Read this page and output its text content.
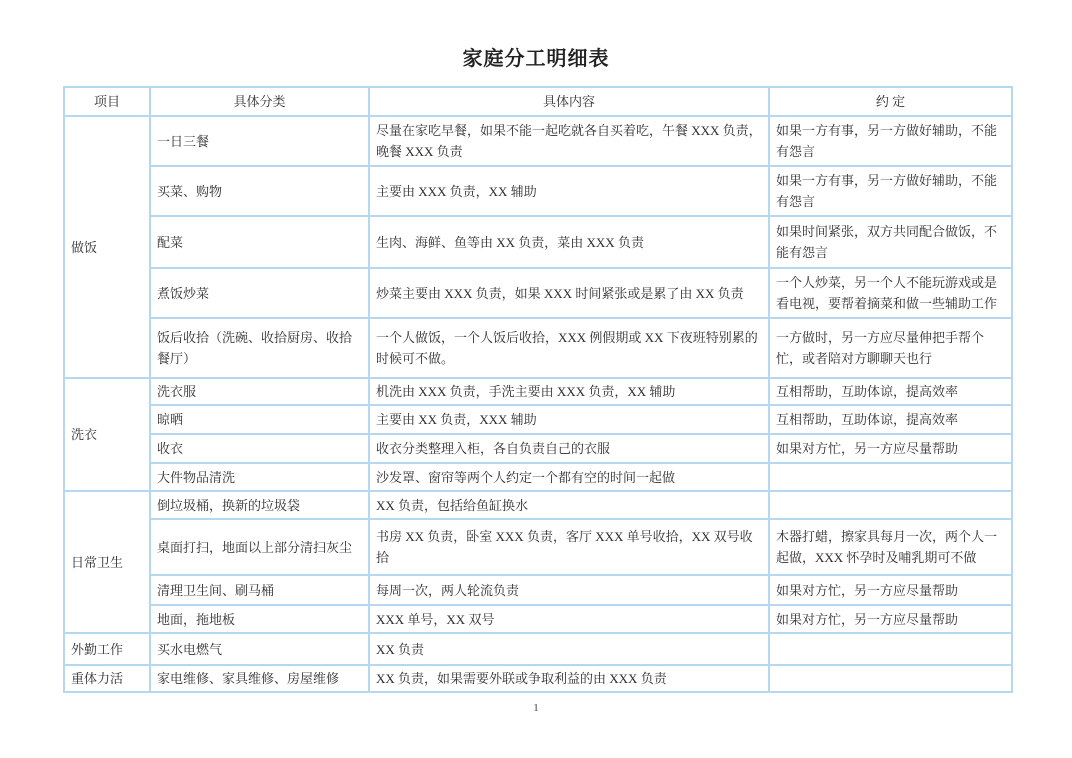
家庭分工明细表
项目	具体分类	具体内容	约 定
做饭	一日三餐	尽量在家吃早餐，如果不能一起吃就各自买着吃，午餐 XXX 负责，晚餐 XXX 负责	如果一方有事，另一方做好辅助，不能有怨言
	买菜、购物	主要由 XXX 负责，XX 辅助	如果一方有事，另一方做好辅助，不能有怨言
	配菜	生肉、海鲜、鱼等由 XX 负责，菜由 XXX 负责	如果时间紧张，双方共同配合做饭，不能有怨言
	煮饭炒菜	炒菜主要由 XXX 负责，如果 XXX 时间紧张或是累了由 XX 负责	一个人炒菜，另一个人不能玩游戏或是看电视，要帮着摘菜和做一些辅助工作
	饭后收拾（洗碗、收拾厨房、收拾餐厅）	一个人做饭，一个人饭后收拾，XXX 例假期或 XX 下夜班特别累的时候可不做。	一方做时，另一方应尽量伸把手帮个忙，或者陪对方聊聊天也行
洗衣	洗衣服	机洗由 XXX 负责，手洗主要由 XXX 负责，XX 辅助	互相帮助，互助体谅，提高效率
	晾晒	主要由 XX 负责，XXX 辅助	互相帮助，互助体谅，提高效率
	收衣	收衣分类整理入柜，各自负责自己的衣服	如果对方忙，另一方应尽量帮助
	大件物品清洗	沙发罩、窗帘等两个人约定一个都有空的时间一起做	
日常卫生	倒垃圾桶，换新的垃圾袋	XX 负责，包括给鱼缸换水	
	桌面打扫，地面以上部分清扫灰尘	书房 XX 负责，卧室 XXX 负责，客厅 XXX 单号收拾，XX 双号收拾	木器打蜡，擦家具每月一次，两个人一起做，XXX 怀孕时及哺乳期可不做
	清理卫生间、刷马桶	每周一次，两人轮流负责	如果对方忙，另一方应尽量帮助
	地面，拖地板	XXX 单号，XX 双号	如果对方忙，另一方应尽量帮助
外勤工作	买水电燃气	XX 负责	
重体力活	家电维修、家具维修、房屋维修	XX 负责，如果需要外联或争取利益的由 XXX 负责	
1
